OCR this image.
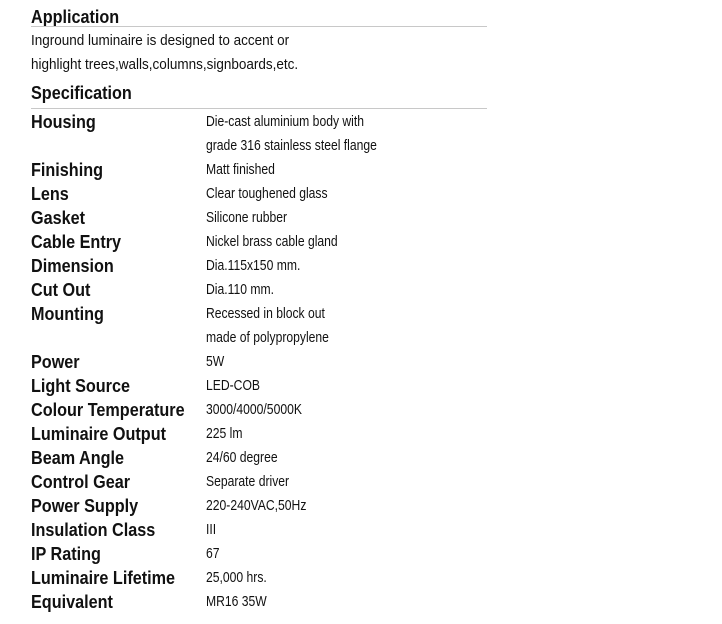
Application
Inground luminaire is designed to accent or
highlight trees,walls,columns,signboards,etc.
Specification
Housing	Die-cast aluminium body with
grade 316 stainless steel flange
Finishing	Matt finished
Lens	Clear toughened glass
Gasket	Silicone rubber
Cable Entry	Nickel brass cable gland
Dimension	Dia.115x150 mm.
Cut Out	Dia.110 mm.
Mounting	Recessed in block out
made of polypropylene
Power	5W
Light Source	LED-COB
Colour Temperature	3000/4000/5000K
Luminaire Output	225 lm
Beam Angle	24/60 degree
Control Gear	Separate driver
Power Supply	220-240VAC,50Hz
Insulation Class	III
IP Rating	67
Luminaire Lifetime	25,000 hrs.
Equivalent	MR16 35W
